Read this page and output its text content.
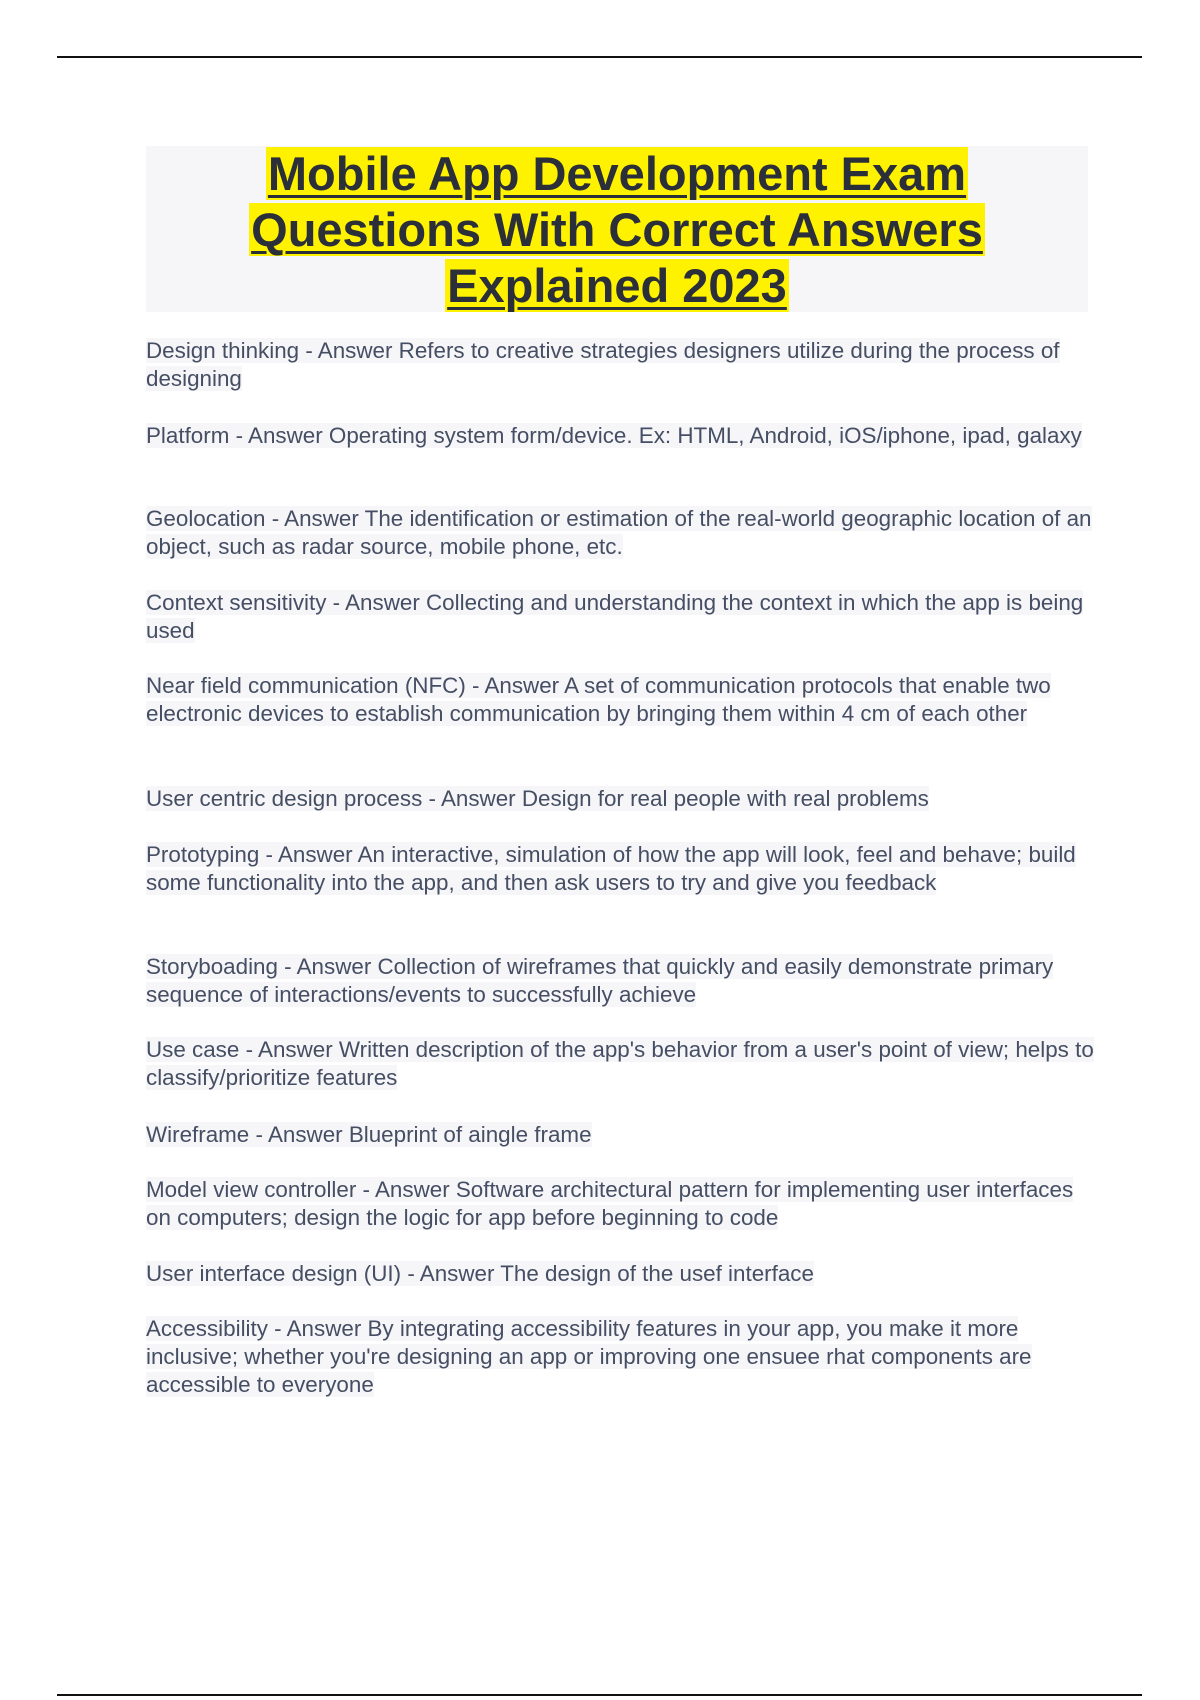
Mobile App Development Exam
Questions With Correct Answers
Explained 2023

Design thinking - Answer Refers to creative strategies designers utilize during the process of designing

Platform - Answer Operating system form/device. Ex: HTML, Android, iOS/iphone, ipad, galaxy

Geolocation - Answer The identification or estimation of the real-world geographic location of an object, such as radar source, mobile phone, etc.

Context sensitivity - Answer Collecting and understanding the context in which the app is being used

Near field communication (NFC) - Answer A set of communication protocols that enable two electronic devices to establish communication by bringing them within 4 cm of each other

User centric design process - Answer Design for real people with real problems

Prototyping - Answer An interactive, simulation of how the app will look, feel and behave; build some functionality into the app, and then ask users to try and give you feedback

Storyboading - Answer Collection of wireframes that quickly and easily demonstrate primary sequence of interactions/events to successfully achieve

Use case - Answer Written description of the app's behavior from a user's point of view; helps to classify/prioritize features

Wireframe - Answer Blueprint of aingle frame

Model view controller - Answer Software architectural pattern for implementing user interfaces on computers; design the logic for app before beginning to code

User interface design (UI) - Answer The design of the usef interface

Accessibility - Answer By integrating accessibility features in your app, you make it more inclusive; whether you're designing an app or improving one ensuee rhat components are accessible to everyone
